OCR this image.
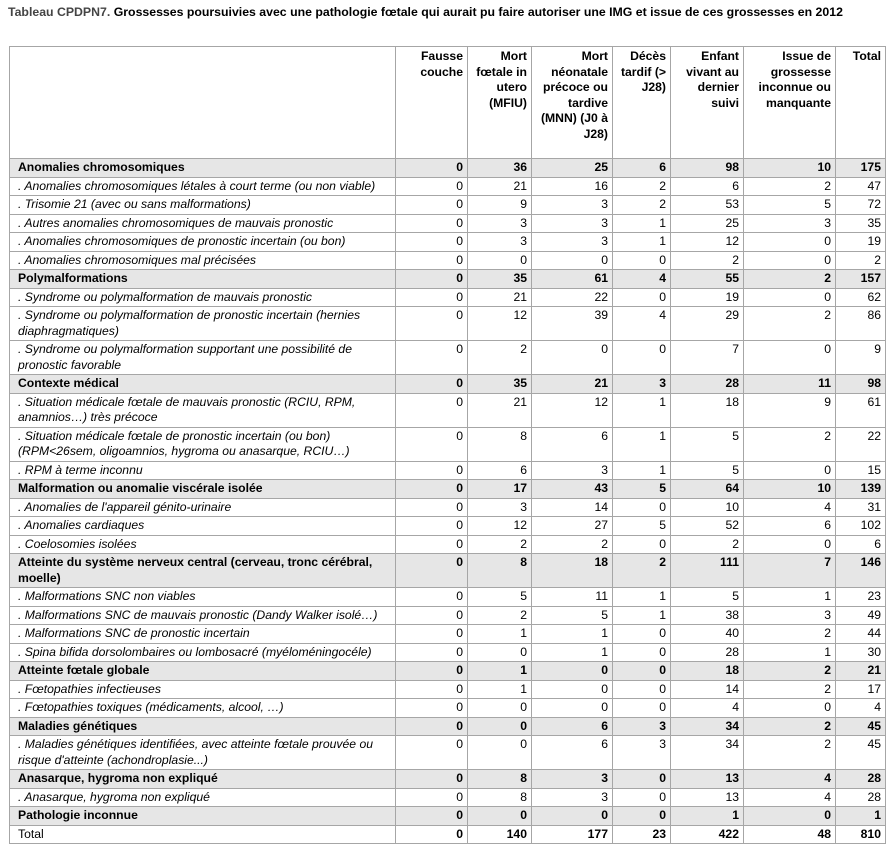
Tableau CPDPN7. Grossesses poursuivies avec une pathologie fœtale qui aurait pu faire autoriser une IMG et issue de ces grossesses en 2012
	Fausse couche	Mort fœtale in utero (MFIU)	Mort néonatale précoce ou tardive (MNN) (J0 à J28)	Décès tardif (> J28)	Enfant vivant au dernier suivi	Issue de grossesse inconnue ou manquante	Total
Anomalies chromosomiques	0	36	25	6	98	10	175
. Anomalies chromosomiques létales à court terme (ou non viable)	0	21	16	2	6	2	47
. Trisomie 21 (avec ou sans malformations)	0	9	3	2	53	5	72
. Autres anomalies chromosomiques de mauvais pronostic	0	3	3	1	25	3	35
. Anomalies chromosomiques de pronostic incertain (ou bon)	0	3	3	1	12	0	19
. Anomalies chromosomiques mal précisées	0	0	0	0	2	0	2
Polymalformations	0	35	61	4	55	2	157
. Syndrome ou polymalformation de mauvais pronostic	0	21	22	0	19	0	62
. Syndrome ou polymalformation de pronostic incertain (hernies diaphragmatiques)	0	12	39	4	29	2	86
. Syndrome ou polymalformation supportant une possibilité de pronostic favorable	0	2	0	0	7	0	9
Contexte médical	0	35	21	3	28	11	98
. Situation médicale fœtale de mauvais pronostic (RCIU, RPM, anamnios…) très précoce	0	21	12	1	18	9	61
. Situation médicale fœtale de pronostic incertain (ou bon) (RPM<26sem, oligoamnios, hygroma ou anasarque, RCIU…)	0	8	6	1	5	2	22
. RPM à terme inconnu	0	6	3	1	5	0	15
Malformation ou anomalie viscérale isolée	0	17	43	5	64	10	139
. Anomalies de l'appareil génito-urinaire	0	3	14	0	10	4	31
. Anomalies cardiaques	0	12	27	5	52	6	102
. Coelosomies isolées	0	2	2	0	2	0	6
Atteinte du système nerveux central (cerveau, tronc cérébral, moelle)	0	8	18	2	111	7	146
. Malformations SNC non viables	0	5	11	1	5	1	23
. Malformations SNC de mauvais pronostic (Dandy Walker isolé…)	0	2	5	1	38	3	49
. Malformations SNC de pronostic incertain	0	1	1	0	40	2	44
. Spina bifida dorsolombaires ou lombosacré (myéloméningocéle)	0	0	1	0	28	1	30
Atteinte fœtale globale	0	1	0	0	18	2	21
. Fœtopathies infectieuses	0	1	0	0	14	2	17
. Fœtopathies toxiques (médicaments, alcool, …)	0	0	0	0	4	0	4
Maladies génétiques	0	0	6	3	34	2	45
. Maladies génétiques identifiées, avec atteinte fœtale prouvée ou risque d'atteinte (achondroplasie...)	0	0	6	3	34	2	45
Anasarque, hygroma non expliqué	0	8	3	0	13	4	28
. Anasarque, hygroma non expliqué	0	8	3	0	13	4	28
Pathologie inconnue	0	0	0	0	1	0	1
Total	0	140	177	23	422	48	810
